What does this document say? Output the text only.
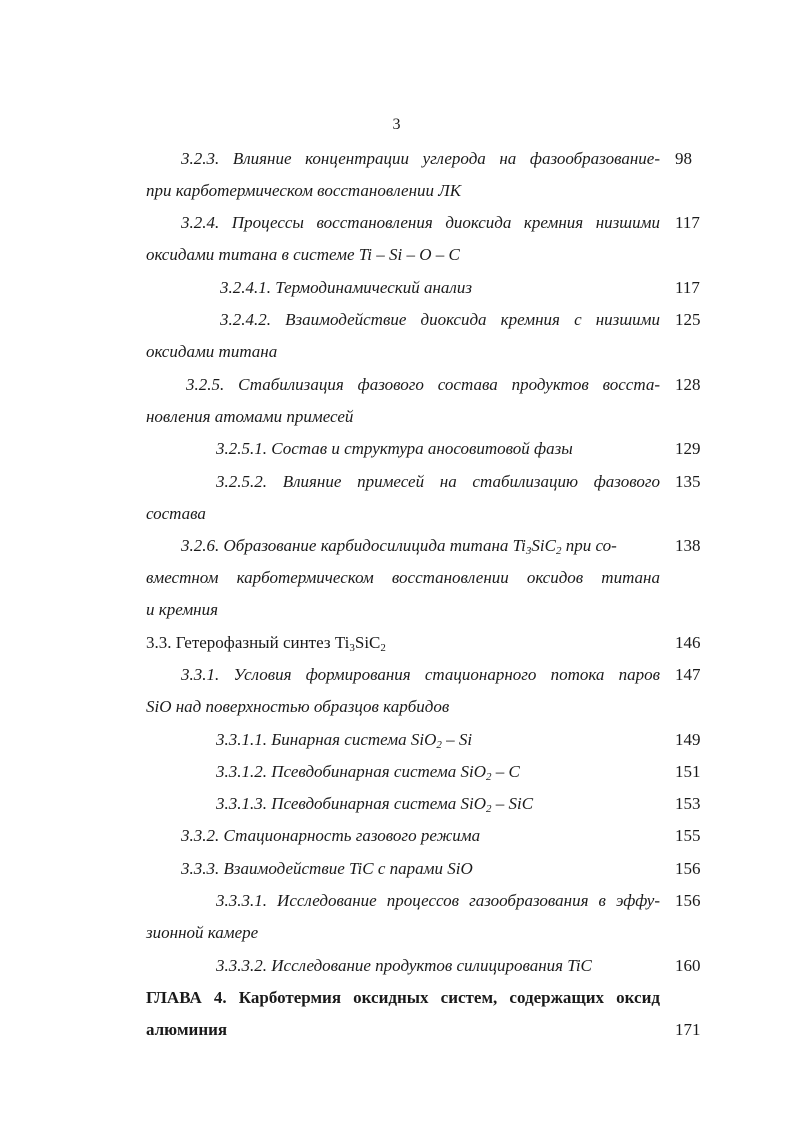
3
3.2.3. Влияние концентрации углерода на фазообразование- 98
при карботермическом восстановлении ЛК
3.2.4. Процессы восстановления диоксида кремния низшими 117
оксидами титана в системе Ti – Si – O – C
3.2.4.1. Термодинамический анализ	117
3.2.4.2. Взаимодействие диоксида кремния с низшими 125
оксидами титана
3.2.5. Стабилизация фазового состава продуктов восста- 128
новления атомами примесей
3.2.5.1. Состав и структура аносовитовой фазы	129
3.2.5.2. Влияние примесей на стабилизацию фазового 135
состава
3.2.6. Образование карбидосилицида титана $Ti_3SiC_2$ при со-	138
вместном карботермическом восстановлении оксидов титана
и кремния
3.3. Гетерофазный синтез $Ti_3SiC_2$	146
3.3.1. Условия формирования стационарного потока паров 147
SiO над поверхностью образцов карбидов
3.3.1.1. Бинарная система SiO$_2$ – Si	149
3.3.1.2. Псевдобинарная система SiO$_2$ – C	151
3.3.1.3. Псевдобинарная система SiO$_2$ – SiC	153
3.3.2. Стационарность газового режима	155
3.3.3. Взаимодействие TiC с парами SiO	156
3.3.3.1. Исследование процессов газообразования в эффу- 156
зионной камере
3.3.3.2. Исследование продуктов силицирования TiC	160
ГЛАВА 4. Карботермия оксидных систем, содержащих оксид
алюминия	171
